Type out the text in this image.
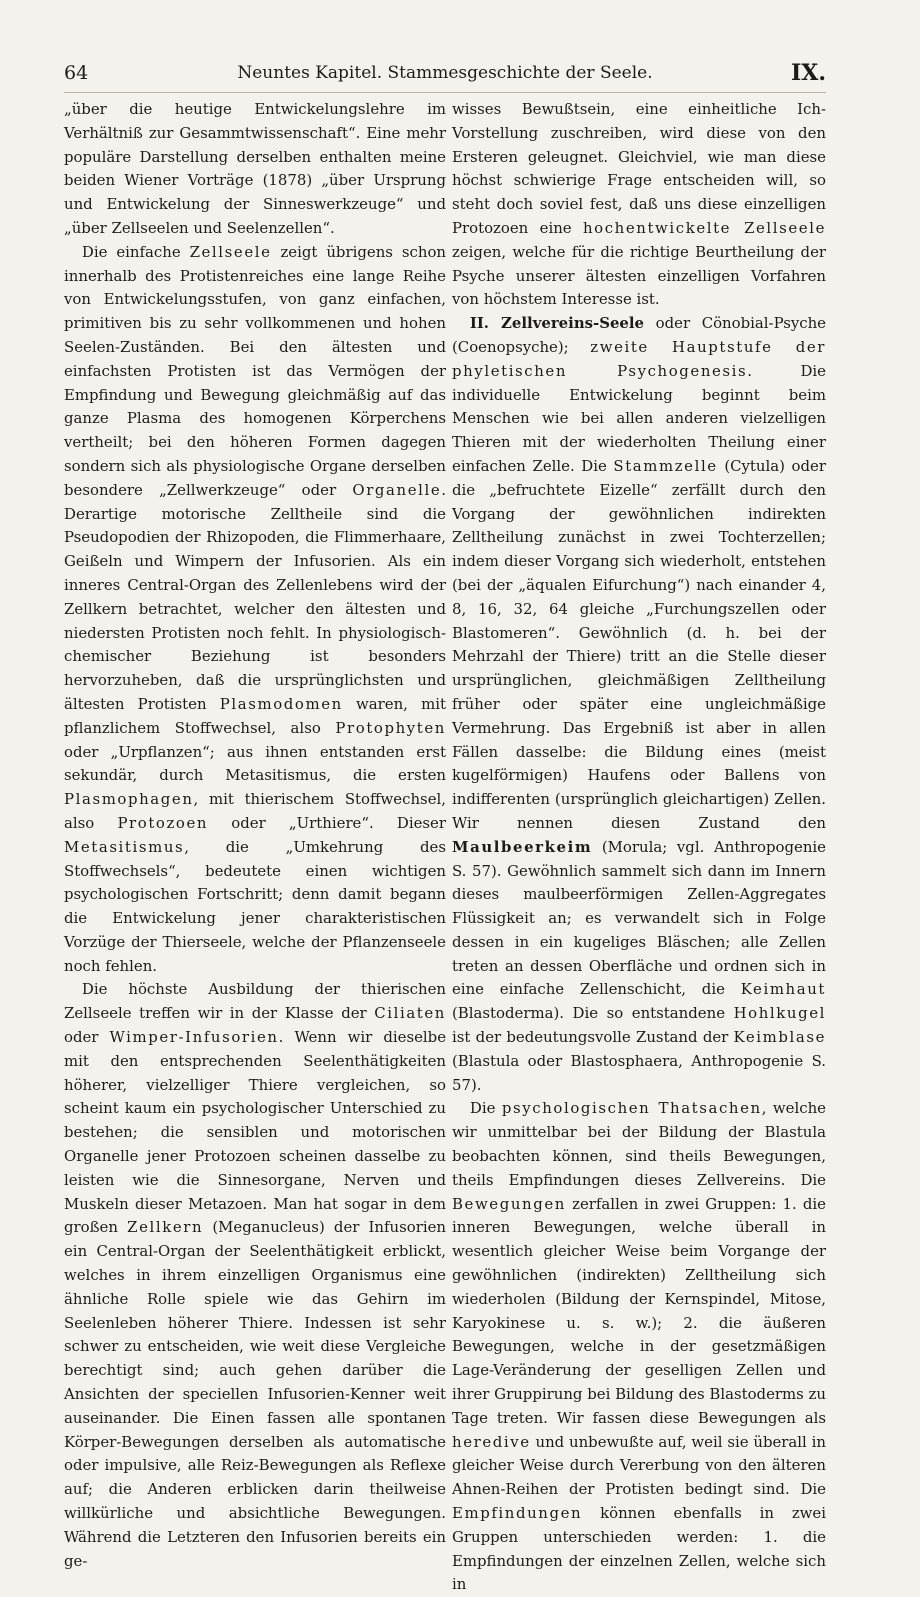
64	Neuntes Kapitel. Stammesgeschichte der Seele.	IX.

„über die heutige Entwickelungslehre im Verhältniß zur Gesammtwissenschaft“. Eine mehr populäre Darstellung derselben enthalten meine beiden Wiener Vorträge (1878) „über Ursprung und Entwickelung der Sinneswerkzeuge“ und „über Zellseelen und Seelenzellen“.

Die einfache Zellseele zeigt übrigens schon innerhalb des Protistenreiches eine lange Reihe von Entwickelungsstufen, von ganz einfachen, primitiven bis zu sehr vollkommenen und hohen Seelen-Zuständen. Bei den ältesten und einfachsten Protisten ist das Vermögen der Empfindung und Bewegung gleichmäßig auf das ganze Plasma des homogenen Körperchens vertheilt; bei den höheren Formen dagegen sondern sich als physiologische Organe derselben besondere „Zellwerkzeuge“ oder Organelle. Derartige motorische Zelltheile sind die Pseudopodien der Rhizopoden, die Flimmerhaare, Geißeln und Wimpern der Infusorien. Als ein inneres Central-Organ des Zellenlebens wird der Zellkern betrachtet, welcher den ältesten und niedersten Protisten noch fehlt. In physiologisch-chemischer Beziehung ist besonders hervorzuheben, daß die ursprünglichsten und ältesten Protisten Plasmodomen waren, mit pflanzlichem Stoffwechsel, also Protophyten oder „Urpflanzen“; aus ihnen entstanden erst sekundär, durch Metasitismus, die ersten Plasmophagen, mit thierischem Stoffwechsel, also Protozoen oder „Urthiere“. Dieser Metasitismus, die „Umkehrung des Stoffwechsels“, bedeutete einen wichtigen psychologischen Fortschritt; denn damit begann die Entwickelung jener charakteristischen Vorzüge der Thierseele, welche der Pflanzenseele noch fehlen.

Die höchste Ausbildung der thierischen Zellseele treffen wir in der Klasse der Ciliaten oder Wimper-Infusorien. Wenn wir dieselbe mit den entsprechenden Seelenthätigkeiten höherer, vielzelliger Thiere vergleichen, so scheint kaum ein psychologischer Unterschied zu bestehen; die sensiblen und motorischen Organelle jener Protozoen scheinen dasselbe zu leisten wie die Sinnesorgane, Nerven und Muskeln dieser Metazoen. Man hat sogar in dem großen Zellkern (Meganucleus) der Infusorien ein Central-Organ der Seelenthätigkeit erblickt, welches in ihrem einzelligen Organismus eine ähnliche Rolle spiele wie das Gehirn im Seelenleben höherer Thiere. Indessen ist sehr schwer zu entscheiden, wie weit diese Vergleiche berechtigt sind; auch gehen darüber die Ansichten der speciellen Infusorien-Kenner weit auseinander. Die Einen fassen alle spontanen Körper-Bewegungen derselben als automatische oder impulsive, alle Reiz-Bewegungen als Reflexe auf; die Anderen erblicken darin theilweise willkürliche und absichtliche Bewegungen. Während die Letzteren den Infusorien bereits ein ge-

wisses Bewußtsein, eine einheitliche Ich-Vorstellung zuschreiben, wird diese von den Ersteren geleugnet. Gleichviel, wie man diese höchst schwierige Frage entscheiden will, so steht doch soviel fest, daß uns diese einzelligen Protozoen eine hochentwickelte Zellseele zeigen, welche für die richtige Beurtheilung der Psyche unserer ältesten einzelligen Vorfahren von höchstem Interesse ist.

II. Zellvereins-Seele oder Cönobial-Psyche (Coenopsyche); zweite Hauptstufe der phyletischen Psychogenesis. Die individuelle Entwickelung beginnt beim Menschen wie bei allen anderen vielzelligen Thieren mit der wiederholten Theilung einer einfachen Zelle. Die Stammzelle (Cytula) oder die „befruchtete Eizelle“ zerfällt durch den Vorgang der gewöhnlichen indirekten Zelltheilung zunächst in zwei Tochterzellen; indem dieser Vorgang sich wiederholt, entstehen (bei der „äqualen Eifurchung“) nach einander 4, 8, 16, 32, 64 gleiche „Furchungszellen oder Blastomeren“. Gewöhnlich (d. h. bei der Mehrzahl der Thiere) tritt an die Stelle dieser ursprünglichen, gleichmäßigen Zelltheilung früher oder später eine ungleichmäßige Vermehrung. Das Ergebniß ist aber in allen Fällen dasselbe: die Bildung eines (meist kugelförmigen) Haufens oder Ballens von indifferenten (ursprünglich gleichartigen) Zellen. Wir nennen diesen Zustand den Maulbeerkeim (Morula; vgl. Anthropogenie S. 57). Gewöhnlich sammelt sich dann im Innern dieses maulbeerförmigen Zellen-Aggregates Flüssigkeit an; es verwandelt sich in Folge dessen in ein kugeliges Bläschen; alle Zellen treten an dessen Oberfläche und ordnen sich in eine einfache Zellenschicht, die Keimhaut (Blastoderma). Die so entstandene Hohlkugel ist der bedeutungsvolle Zustand der Keimblase (Blastula oder Blastosphaera, Anthropogenie S. 57).

Die psychologischen Thatsachen, welche wir unmittelbar bei der Bildung der Blastula beobachten können, sind theils Bewegungen, theils Empfindungen dieses Zellvereins. Die Bewegungen zerfallen in zwei Gruppen: 1. die inneren Bewegungen, welche überall in wesentlich gleicher Weise beim Vorgange der gewöhnlichen (indirekten) Zelltheilung sich wiederholen (Bildung der Kernspindel, Mitose, Karyokinese u. s. w.); 2. die äußeren Bewegungen, welche in der gesetzmäßigen Lage-Veränderung der geselligen Zellen und ihrer Gruppirung bei Bildung des Blastoderms zu Tage treten. Wir fassen diese Bewegungen als heredive und unbewußte auf, weil sie überall in gleicher Weise durch Vererbung von den älteren Ahnen-Reihen der Protisten bedingt sind. Die Empfindungen können ebenfalls in zwei Gruppen unterschieden werden: 1. die Empfindungen der einzelnen Zellen, welche sich in
